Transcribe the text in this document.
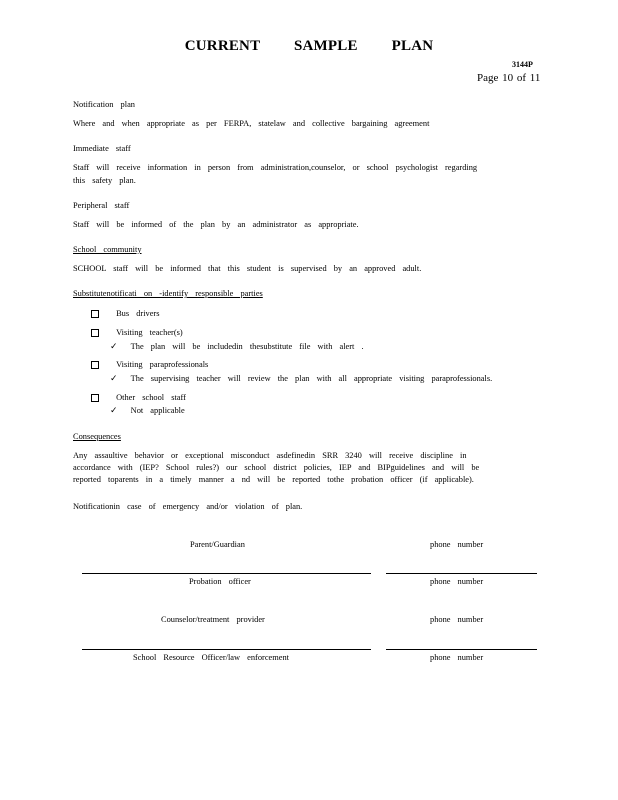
CURRENT SAMPLE PLAN
3144P
Page 10 of 11
Notification plan
Where and when appropriate as per FERPA, statelaw and collective bargaining agreement
Immediate staff
Staff will receive information in person from administration,counselor, or school psychologist regarding
this safety plan.
Peripheral staff
Staff will be informed of the plan by an administrator as appropriate.
School community
SCHOOL staff will be informed that this student is supervised by an approved adult.
Substitutenotificati on -identify responsible parties
Bus drivers
Visiting teacher(s)
✓ The plan will be includedin thesubstitute file with alert .
Visiting paraprofessionals
✓ The supervising teacher will review the plan with all appropriate visiting paraprofessionals.
Other school staff
✓ Not applicable
Consequences
Any assaultive behavior or exceptional misconduct asdefinedin SRR 3240 will receive discipline in
accordance with (IEP? School rules?) our school district policies, IEP and BIPguidelines and will be
reported toparents in a timely manner a nd will be reported tothe probation officer (if applicable).
Notificationin case of emergency and/or violation of plan.
Parent/Guardian	phone number
Probation officer	phone number
Counselor/treatment provider	phone number
School Resource Officer/law enforcement	phone number
